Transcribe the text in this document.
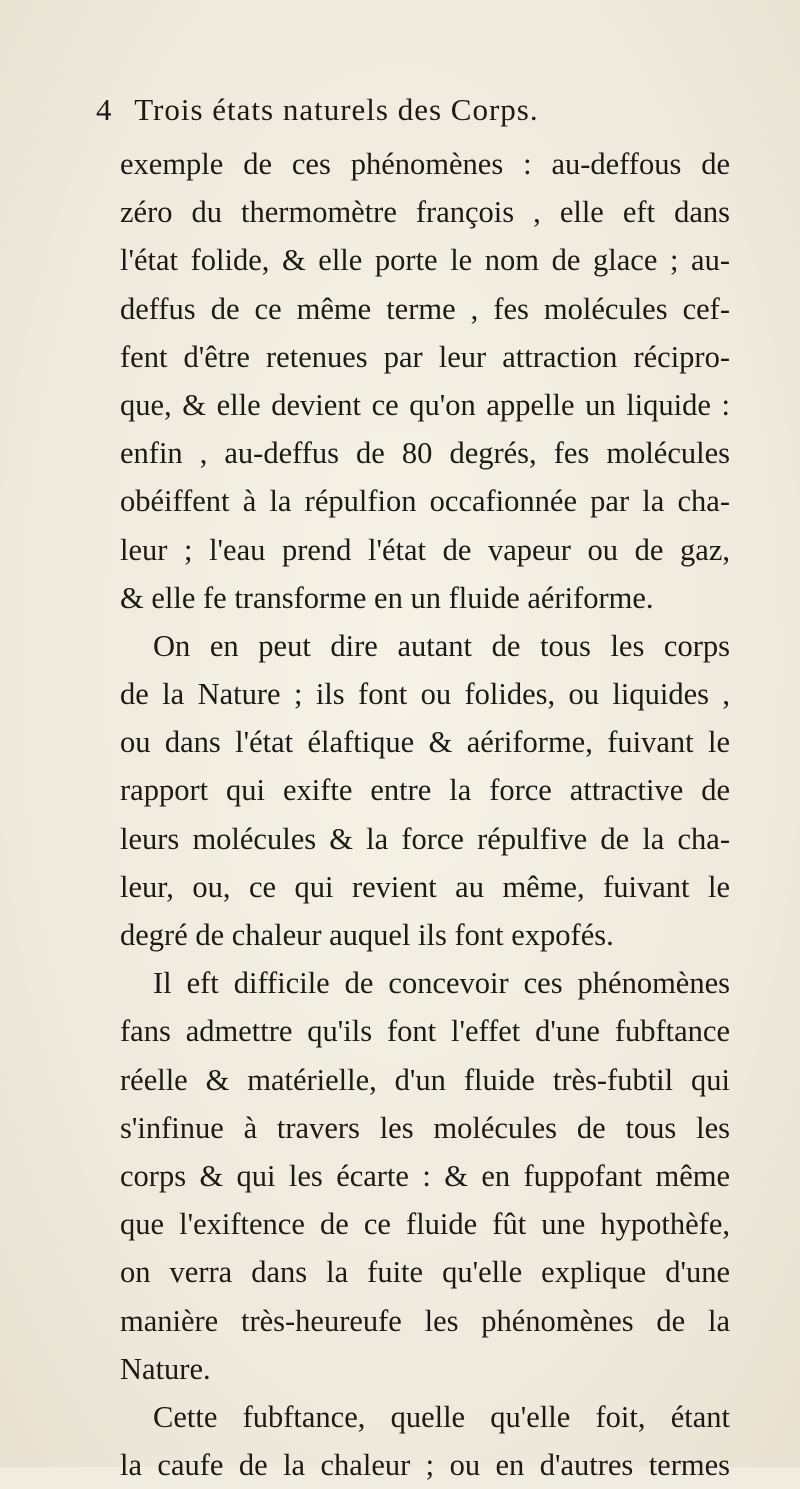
4 Trois états naturels des Corps.
exemple de ces phénomènes : au-deffous de
zéro du thermomètre françois , elle eft dans
l'état folide, & elle porte le nom de glace ; au-
deffus de ce même terme , fes molécules cef-
fent d'être retenues par leur attraction récipro-
que, & elle devient ce qu'on appelle un liquide :
enfin , au-deffus de 80 degrés, fes molécules
obéiffent à la répulfion occafionnée par la cha-
leur ; l'eau prend l'état de vapeur ou de gaz,
& elle fe transforme en un fluide aériforme.
On en peut dire autant de tous les corps
de la Nature ; ils font ou folides, ou liquides ,
ou dans l'état élaftique & aériforme, fuivant le
rapport qui exifte entre la force attractive de
leurs molécules & la force répulfive de la cha-
leur, ou, ce qui revient au même, fuivant le
degré de chaleur auquel ils font expofés.
Il eft difficile de concevoir ces phénomènes
fans admettre qu'ils font l'effet d'une fubftance
réelle & matérielle, d'un fluide très-fubtil qui
s'infinue à travers les molécules de tous les
corps & qui les écarte : & en fuppofant même
que l'exiftence de ce fluide fût une hypothèfe,
on verra dans la fuite qu'elle explique d'une
manière très-heureufe les phénomènes de la
Nature.
Cette fubftance, quelle qu'elle foit, étant
la caufe de la chaleur ; ou en d'autres termes
